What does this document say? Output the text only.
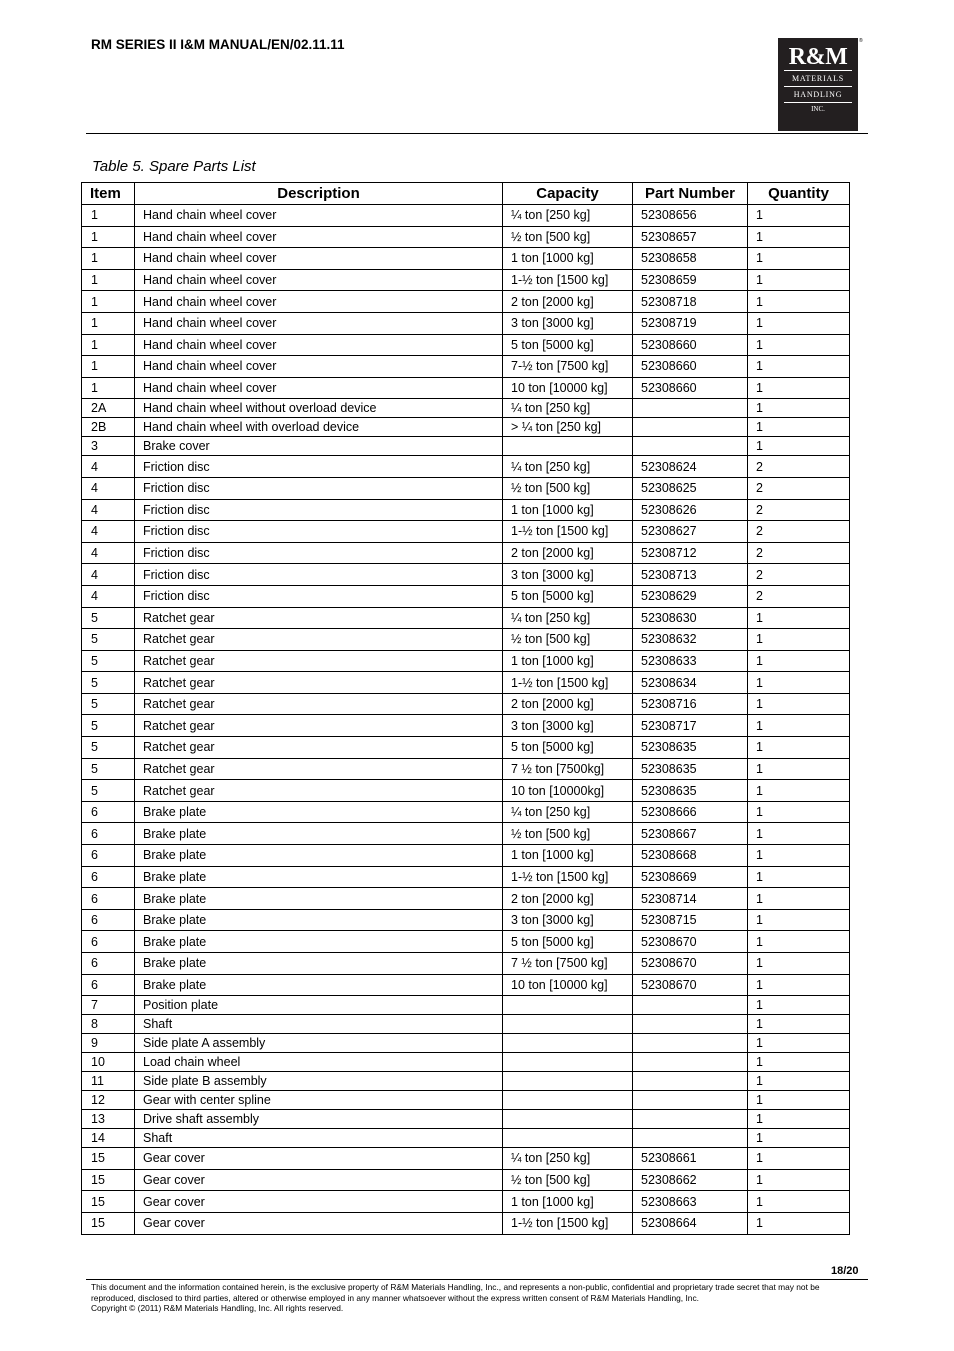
RM SERIES II I&M MANUAL/EN/02.11.11	R&M
MATERIALS
HANDLING
INC.
®
Table 5. Spare Parts List
Item	Description	Capacity	Part Number	Quantity
1	Hand chain wheel cover	¼ ton [250 kg]	52308656	1
1	Hand chain wheel cover	½ ton [500 kg]	52308657	1
1	Hand chain wheel cover	1 ton [1000 kg]	52308658	1
1	Hand chain wheel cover	1-½ ton [1500 kg]	52308659	1
1	Hand chain wheel cover	2 ton [2000 kg]	52308718	1
1	Hand chain wheel cover	3 ton [3000 kg]	52308719	1
1	Hand chain wheel cover	5 ton [5000 kg]	52308660	1
1	Hand chain wheel cover	7-½ ton [7500 kg]	52308660	1
1	Hand chain wheel cover	10 ton [10000 kg]	52308660	1
2A	Hand chain wheel without overload device	¼ ton [250 kg]		1
2B	Hand chain wheel with overload device	> ¼ ton [250 kg]		1
3	Brake cover			1
4	Friction disc	¼ ton [250 kg]	52308624	2
4	Friction disc	½ ton [500 kg]	52308625	2
4	Friction disc	1 ton [1000 kg]	52308626	2
4	Friction disc	1-½ ton [1500 kg]	52308627	2
4	Friction disc	2 ton [2000 kg]	52308712	2
4	Friction disc	3 ton [3000 kg]	52308713	2
4	Friction disc	5 ton [5000 kg]	52308629	2
5	Ratchet gear	¼ ton [250 kg]	52308630	1
5	Ratchet gear	½ ton [500 kg]	52308632	1
5	Ratchet gear	1 ton [1000 kg]	52308633	1
5	Ratchet gear	1-½ ton [1500 kg]	52308634	1
5	Ratchet gear	2 ton [2000 kg]	52308716	1
5	Ratchet gear	3 ton [3000 kg]	52308717	1
5	Ratchet gear	5 ton [5000 kg]	52308635	1
5	Ratchet gear	7 ½ ton [7500kg]	52308635	1
5	Ratchet gear	10 ton [10000kg]	52308635	1
6	Brake plate	¼ ton [250 kg]	52308666	1
6	Brake plate	½ ton [500 kg]	52308667	1
6	Brake plate	1 ton [1000 kg]	52308668	1
6	Brake plate	1-½ ton [1500 kg]	52308669	1
6	Brake plate	2 ton [2000 kg]	52308714	1
6	Brake plate	3 ton [3000 kg]	52308715	1
6	Brake plate	5 ton [5000 kg]	52308670	1
6	Brake plate	7 ½ ton [7500 kg]	52308670	1
6	Brake plate	10 ton [10000 kg]	52308670	1
7	Position plate			1
8	Shaft			1
9	Side plate A assembly			1
10	Load chain wheel			1
11	Side plate B assembly			1
12	Gear with center spline			1
13	Drive shaft assembly			1
14	Shaft			1
15	Gear cover	¼ ton [250 kg]	52308661	1
15	Gear cover	½ ton [500 kg]	52308662	1
15	Gear cover	1 ton [1000 kg]	52308663	1
15	Gear cover	1-½ ton [1500 kg]	52308664	1
18/20
This document and the information contained herein, is the exclusive property of R&M Materials Handling, Inc., and represents a non-public, confidential and proprietary trade secret that may not be reproduced, disclosed to third parties, altered or otherwise employed in any manner whatsoever without the express written consent of R&M Materials Handling, Inc.
Copyright © (2011) R&M Materials Handling, Inc. All rights reserved.
